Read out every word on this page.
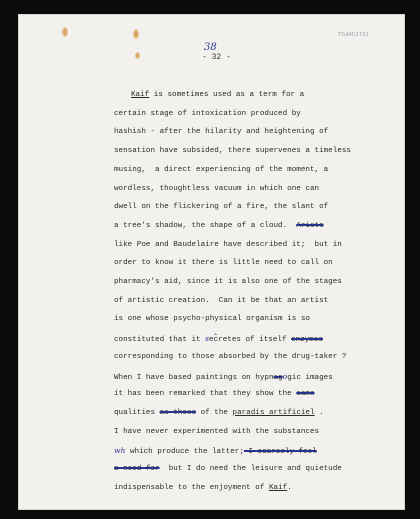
TGAM/2731
38
- 32 -
Kaif is sometimes used as a term for a
certain stage of intoxication produced by
hashish - after the hilarity and heightening of
sensation have subsided, there supervenes a timeless
musing,  a direct experiencing of the moment, a
wordless, thoughtless vacuum in which one can
dwell on the flickering of a fire, the slant of
a tree's shadow, the shape of a cloud.  Arists
like Poe and Baudelaire have described it;  but in
order to know it there is little need to call on
pharmacy's aid, since it is also one of the stages
of artistic creation.  Can it be that an artist
is one whose psycho-physical organism is so
constituted that it secretes of itself enzymes
corresponding to those absorbed by the drug-taker ?
When I have based paintings on hypnagogic images
it has been remarked that they show the same
qualities as those of the paradis artificiel .
I have never experimented with the substances
wh which produce the latter; I scarcely feel
a need for  but I do need the leisure and quietude
indispensable to the enjoyment of Kaif.
‸
